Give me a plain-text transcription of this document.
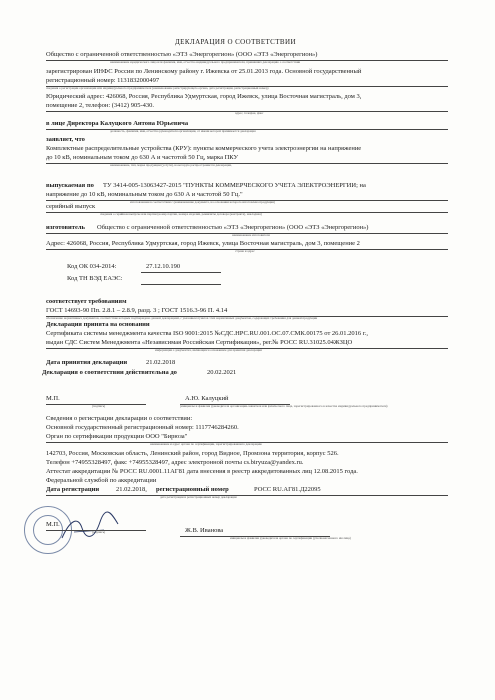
ДЕКЛАРАЦИЯ О СООТВЕТСТВИИ
Общество с ограниченной ответственностью «ЭТЗ «Энергорегион» (ООО «ЭТЗ «Энергорегион»)
наименование юридического лица или фамилия, имя, отчество индивидуального предпринимателя, принявших декларацию о соответствии
зарегистрирован ИНФС России по Ленинскому району г. Ижевска от 25.01.2013 года. Основной государственный
регистрационный номер: 1131832000497
сведения о регистрации организации или индивидуального предпринимателя (наименование регистрирующего органа, дата регистрации, регистрационный номер)
Юридический адрес: 426068, Россия, Республика Удмуртская, город Ижевск, улица Восточная магистраль, дом 3,
помещение 2, телефон: (3412) 905-430.
адрес, телефон, факс
в лице Директора Калуцкого Антона Юрьевича
должность, фамилия, имя, отчество руководителя организации, от имени которой принимается декларация
заявляет, что
Комплектные распределительные устройства (КРУ): пункты коммерческого учета электроэнергии на напряжение
до 10 кВ, номинальным током до 630 А и частотой 50 Гц, марка ПКУ
наименование, тип, марка продукции (услуги), на которую распространяется декларация,
выпускаемая по ТУ 3414-005-13063427-2015 "ПУНКТЫ КОММЕРЧЕСКОГО УЧЕТА ЭЛЕКТРОЭНЕРГИИ; на
напряжение до 10 кВ, номинальным током до 630 А и частотой 50 Гц."
изготовленная в соответствии с (наименование документа, на основании которого изготовлена продукция)
серийный выпуск
сведения о серийном выпуске или партии (номер партии, номера изделий, реквизиты договора (контракта), накладная)
изготовитель Общество с ограниченной ответственностью «ЭТЗ «Энергорегион» (ООО «ЭТЗ «Энергорегион»)
наименование изготовителя
Адрес: 426068, Россия, Республика Удмуртская, город Ижевск, улица Восточная магистраль, дом 3, помещение 2
страна и адрес
Код ОК 034-2014:	27.12.10.190
Код ТН ВЭД ЕАЭС:
соответствует требованиям
ГОСТ 14693-90 Пп. 2.8.1 – 2.8.9, разд. 3 ; ГОСТ 1516.3-96 П. 4.14
обозначение нормативных документов, соответствие которым подтверждено данной декларацией, с указанием пунктов этих нормативных документов, содержащих требования для данной продукции
Декларация принята на основании
Сертификата системы менеджмента качества ISO 9001:2015 №СДС.НРС.RU.001.ОС.07.СМК.00175 от 26.01.2016 г.,
выдан СДС Систем Менеджмента «Независимая Российская Сертификация», рег.№ РОСС RU.31025.04ЖЗЦО
информация о документах, являющихся основанием для принятия декларации
Дата принятия декларации	21.02.2018
Декларация о соответствии действительна до	20.02.2021
М.П.
(подпись)
А.Ю. Калуцкий
(инициалы и фамилия руководителя организации-заявителя или физического лица, зарегистрированного в качестве индивидуального предпринимателя)
Сведения о регистрации декларации о соответствии:
Основной государственный регистрационный номер: 1117746284260.
Орган по сертификации продукции ООО "Бирюза"
наименование и адрес органа по сертификации, зарегистрировавшего декларацию
142703, Россия, Московская область, Ленинский район, город Видное, Промзона территория, корпус 526.
Телефон +74955328497, факс +74955328497, адрес электронной почты cs.biryuza@yandex.ru.
Аттестат аккредитации № РОСС RU.0001.11АГ81 дата внесения в реестр аккредитованных лиц 12.08.2015 года.
Федеральной службой по аккредитации
Дата регистрации	21.02.2018, регистрационный номер	РОСС RU.АГ81.Д22095
дата регистрации и регистрационный номер декларации
М.П.
(подпись)	Ж.В. Иванова
инициалы и фамилия руководителя органа по сертификации (уполномоченного им лица)
